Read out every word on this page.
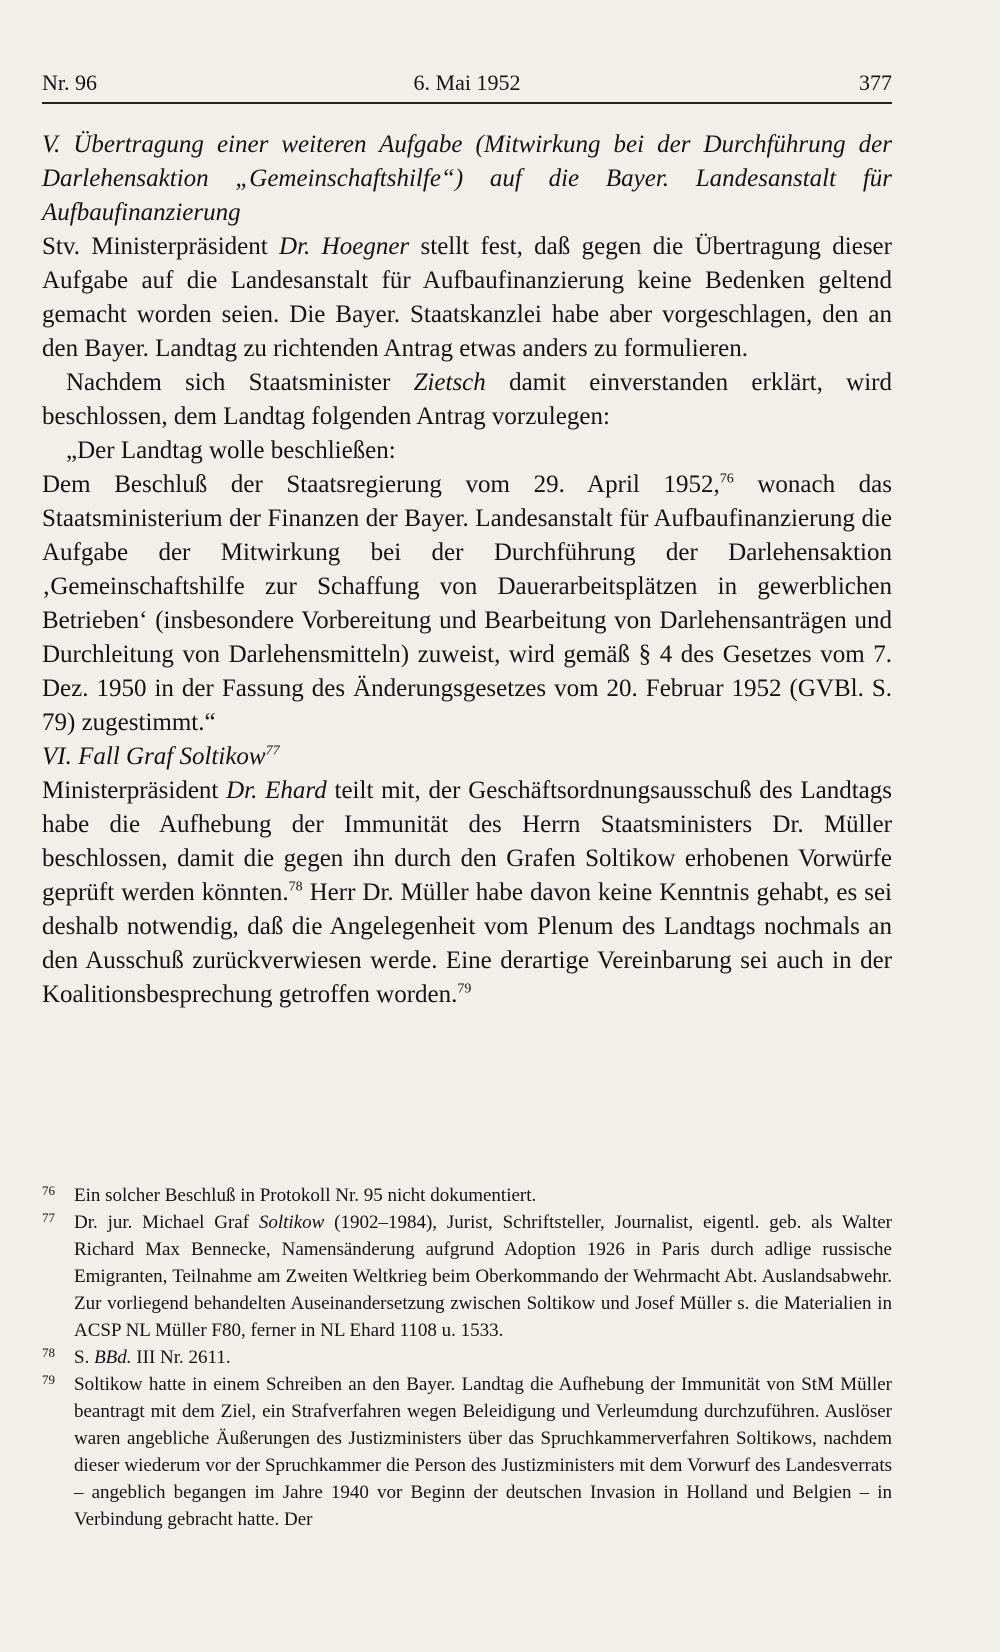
Nr. 96	6. Mai 1952	377

V. Übertragung einer weiteren Aufgabe (Mitwirkung bei der Durchführung der Darlehensaktion „Gemeinschaftshilfe“) auf die Bayer. Landesanstalt für Aufbaufinanzierung

Stv. Ministerpräsident Dr. Hoegner stellt fest, daß gegen die Übertragung dieser Aufgabe auf die Landesanstalt für Aufbaufinanzierung keine Bedenken geltend gemacht worden seien. Die Bayer. Staatskanzlei habe aber vorgeschlagen, den an den Bayer. Landtag zu richtenden Antrag etwas anders zu formulieren.

Nachdem sich Staatsminister Zietsch damit einverstanden erklärt, wird beschlossen, dem Landtag folgenden Antrag vorzulegen:

„Der Landtag wolle beschließen:

Dem Beschluß der Staatsregierung vom 29. April 1952,76 wonach das Staatsministerium der Finanzen der Bayer. Landesanstalt für Aufbaufinanzierung die Aufgabe der Mitwirkung bei der Durchführung der Darlehensaktion ‚Gemeinschaftshilfe zur Schaffung von Dauerarbeitsplätzen in gewerblichen Betrieben‘ (insbesondere Vorbereitung und Bearbeitung von Darlehensanträgen und Durchleitung von Darlehensmitteln) zuweist, wird gemäß § 4 des Gesetzes vom 7. Dez. 1950 in der Fassung des Änderungsgesetzes vom 20. Februar 1952 (GVBl. S. 79) zugestimmt.“

VI. Fall Graf Soltikow$^{77}$

Ministerpräsident Dr. Ehard teilt mit, der Geschäftsordnungsausschuß des Landtags habe die Aufhebung der Immunität des Herrn Staatsministers Dr. Müller beschlossen, damit die gegen ihn durch den Grafen Soltikow erhobenen Vorwürfe geprüft werden könnten.$^{78}$ Herr Dr. Müller habe davon keine Kenntnis gehabt, es sei deshalb notwendig, daß die Angelegenheit vom Plenum des Landtags nochmals an den Ausschuß zurückverwiesen werde. Eine derartige Vereinbarung sei auch in der Koalitionsbesprechung getroffen worden.$^{79}$

76 Ein solcher Beschluß in Protokoll Nr. 95 nicht dokumentiert.

77 Dr. jur. Michael Graf Soltikow (1902–1984), Jurist, Schriftsteller, Journalist, eigentl. geb. als Walter Richard Max Bennecke, Namensänderung aufgrund Adoption 1926 in Paris durch adlige russische Emigranten, Teilnahme am Zweiten Weltkrieg beim Oberkommando der Wehrmacht Abt. Auslandsabwehr. Zur vorliegend behandelten Auseinandersetzung zwischen Soltikow und Josef Müller s. die Materialien in ACSP NL Müller F80, ferner in NL Ehard 1108 u. 1533.

78 S. BBd. III Nr. 2611.

79 Soltikow hatte in einem Schreiben an den Bayer. Landtag die Aufhebung der Immunität von StM Müller beantragt mit dem Ziel, ein Strafverfahren wegen Beleidigung und Verleumdung durchzuführen. Auslöser waren angebliche Äußerungen des Justizministers über das Spruchkammerverfahren Soltikows, nachdem dieser wiederum vor der Spruchkammer die Person des Justizministers mit dem Vorwurf des Landesverrats – angeblich begangen im Jahre 1940 vor Beginn der deutschen Invasion in Holland und Belgien – in Verbindung gebracht hatte. Der
